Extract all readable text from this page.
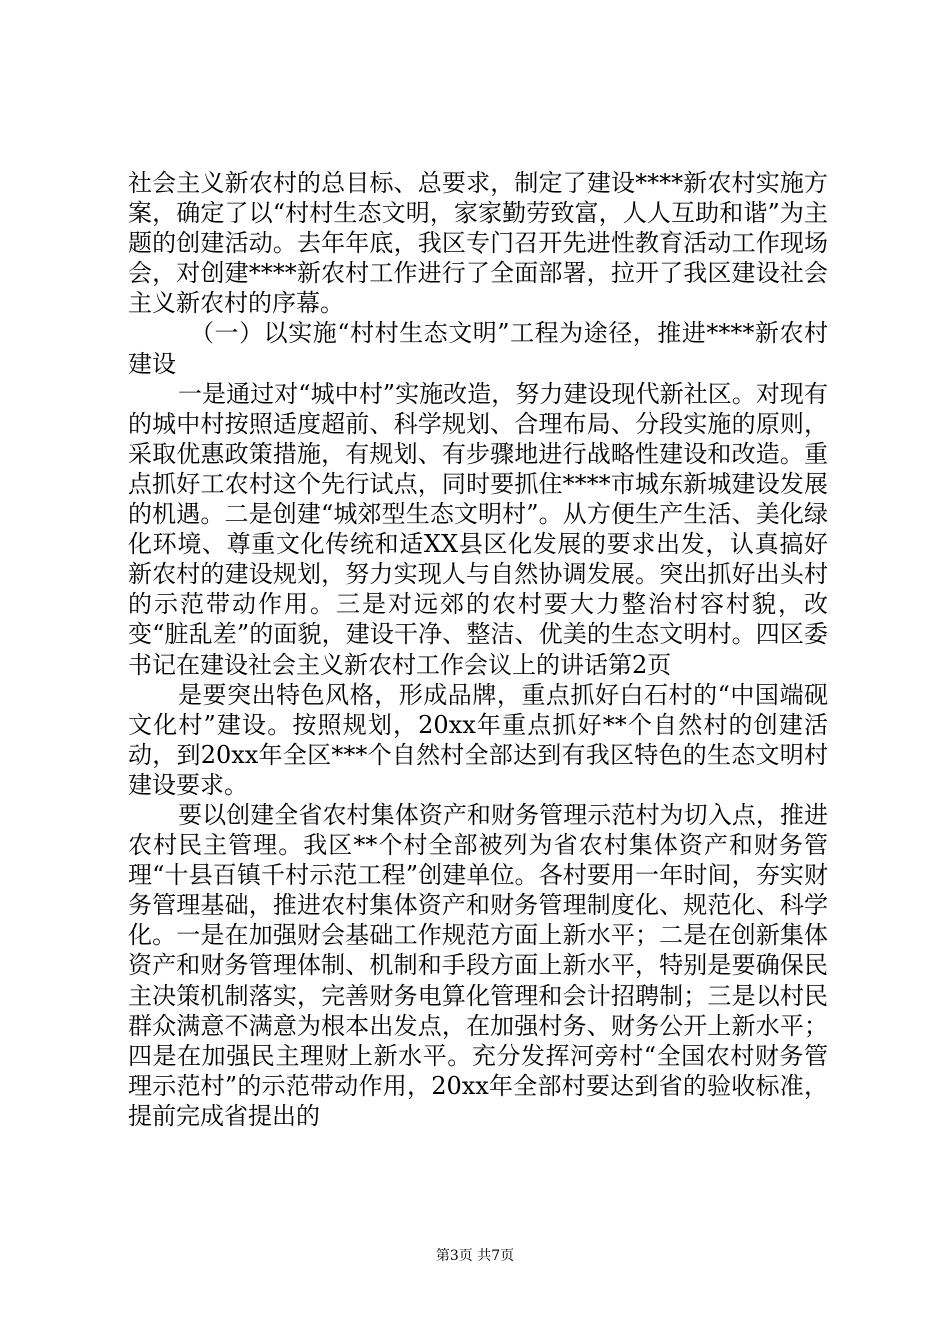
社会主义新农村的总目标、总要求，制定了建设****新农村实施方案，确定了以“村村生态文明，家家勤劳致富，人人互助和谐”为主题的创建活动。去年年底，我区专门召开先进性教育活动工作现场会，对创建****新农村工作进行了全面部署，拉开了我区建设社会主义新农村的序幕。

（一）以实施“村村生态文明”工程为途径，推进****新农村建设

一是通过对“城中村”实施改造，努力建设现代新社区。对现有的城中村按照适度超前、科学规划、合理布局、分段实施的原则，采取优惠政策措施，有规划、有步骤地进行战略性建设和改造。重点抓好工农村这个先行试点，同时要抓住****市城东新城建设发展的机遇。二是创建“城郊型生态文明村”。从方便生产生活、美化绿化环境、尊重文化传统和适XX县区化发展的要求出发，认真搞好新农村的建设规划，努力实现人与自然协调发展。突出抓好出头村的示范带动作用。三是对远郊的农村要大力整治村容村貌，改变“脏乱差”的面貌，建设干净、整洁、优美的生态文明村。四区委书记在建设社会主义新农村工作会议上的讲话第2页

是要突出特色风格，形成品牌，重点抓好白石村的“中国端砚文化村”建设。按照规划，20xx年重点抓好**个自然村的创建活动，到20xx年全区***个自然村全部达到有我区特色的生态文明村建设要求。

要以创建全省农村集体资产和财务管理示范村为切入点，推进农村民主管理。我区**个村全部被列为省农村集体资产和财务管理“十县百镇千村示范工程”创建单位。各村要用一年时间，夯实财务管理基础，推进农村集体资产和财务管理制度化、规范化、科学化。一是在加强财会基础工作规范方面上新水平；二是在创新集体资产和财务管理体制、机制和手段方面上新水平，特别是要确保民主决策机制落实，完善财务电算化管理和会计招聘制；三是以村民群众满意不满意为根本出发点，在加强村务、财务公开上新水平；四是在加强民主理财上新水平。充分发挥河旁村“全国农村财务管理示范村”的示范带动作用，20xx年全部村要达到省的验收标准，提前完成省提出的

第3页 共7页
